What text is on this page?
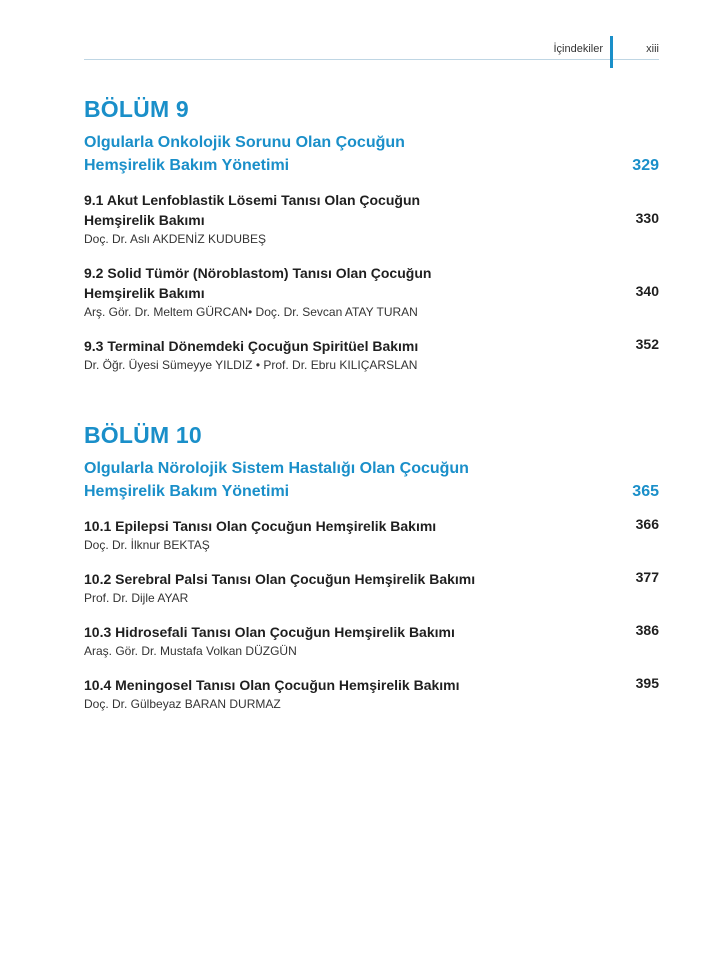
İçindekiler	xiii
BÖLÜM 9
Olgularla Onkolojik Sorunu Olan Çocuğun
Hemşirelik Bakım Yönetimi	329
9.1 Akut Lenfoblastik Lösemi Tanısı Olan Çocuğun
Hemşirelik Bakımı	330
Doç. Dr. Aslı AKDENİZ KUDUBEŞ
9.2 Solid Tümör (Nöroblastom) Tanısı Olan Çocuğun
Hemşirelik Bakımı	340
Arş. Gör. Dr. Meltem GÜRCAN• Doç. Dr. Sevcan ATAY TURAN
9.3 Terminal Dönemdeki Çocuğun Spiritüel Bakımı	352
Dr. Öğr. Üyesi Sümeyye YILDIZ • Prof. Dr. Ebru KILIÇARSLAN
BÖLÜM 10
Olgularla Nörolojik Sistem Hastalığı Olan Çocuğun
Hemşirelik Bakım Yönetimi	365
10.1 Epilepsi Tanısı Olan Çocuğun Hemşirelik Bakımı	366
Doç. Dr. İlknur BEKTAŞ
10.2 Serebral Palsi Tanısı Olan Çocuğun Hemşirelik Bakımı	377
Prof. Dr. Dijle AYAR
10.3 Hidrosefali Tanısı Olan Çocuğun Hemşirelik Bakımı	386
Araş. Gör. Dr. Mustafa Volkan DÜZGÜN
10.4 Meningosel Tanısı Olan Çocuğun Hemşirelik Bakımı	395
Doç. Dr. Gülbeyaz BARAN DURMAZ
